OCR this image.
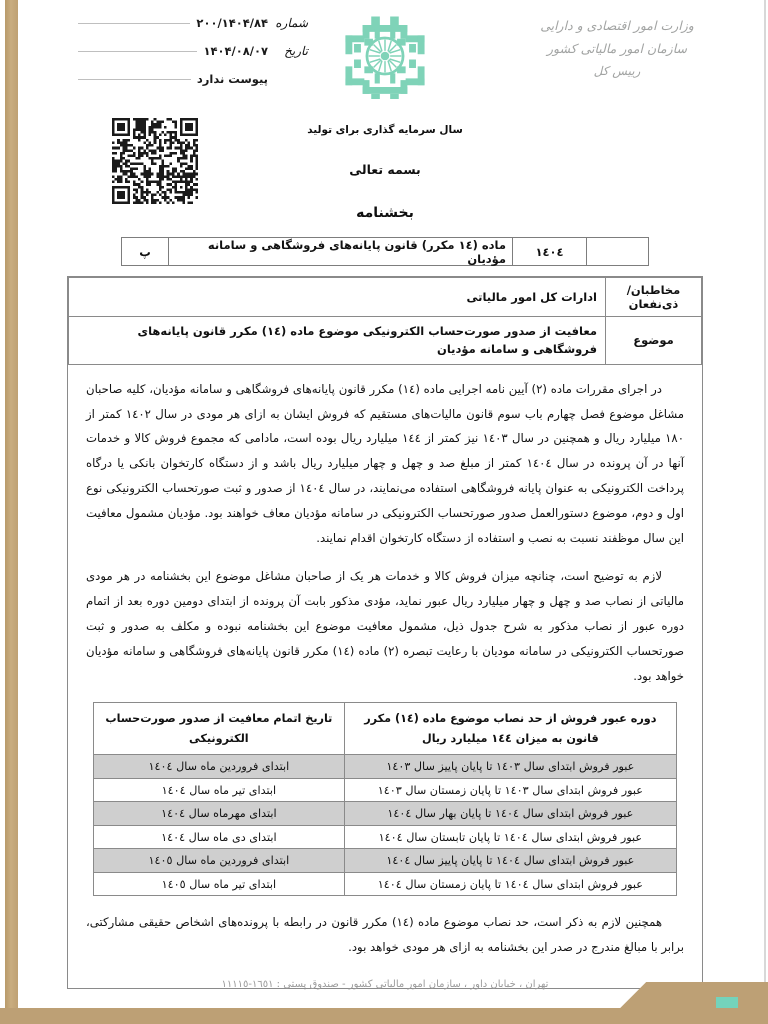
شماره
۲۰۰/۱۴۰۴/۸۴
تاریخ
۱۴۰۴/۰۸/۰۷
پیوست ندارد
وزارت امور اقتصادی و دارایی
سازمان امور مالیاتی کشور
رییس کل
سال سرمایه گذاری برای تولید
بسمه تعالی
بخشنامه
١٤٠٤
ماده (١٤ مکرر) قانون پایانه‌های فروشگاهی و سامانه مؤدیان
پ
مخاطبان/ذی‌نفعان	ادارات کل امور مالیاتی
موضوع	معافیت از صدور صورت‌حساب الکترونیکی موضوع ماده (١٤) مکرر قانون پایانه‌های فروشگاهی و سامانه مؤدیان

در اجرای مقررات ماده (۲) آیین نامه اجرایی ماده (١٤) مکرر قانون پایانه‌های فروشگاهی و سامانه مؤدیان، کلیه صاحبان مشاغل موضوع فصل چهارم باب سوم قانون مالیات‌های مستقیم که فروش ایشان به ازای هر مودی در سال ١٤٠٢ کمتر از ١٨٠ میلیارد ریال و همچنین در سال ١٤٠٣ نیز کمتر از ١٤٤ میلیارد ریال بوده است، مادامی که مجموع فروش کالا و خدمات آنها در آن پرونده در سال ١٤٠٤ کمتر از مبلغ صد و چهل و چهار میلیارد ریال باشد و از دستگاه کارتخوان بانکی یا درگاه پرداخت الکترونیکی به عنوان پایانه فروشگاهی استفاده می‌نمایند، در سال ١٤٠٤ از صدور و ثبت صورتحساب الکترونیکی نوع اول و دوم، موضوع دستورالعمل صدور صورتحساب الکترونیکی در سامانه مؤدیان معاف خواهند بود. مؤدیان مشمول معافیت این سال موظفند نسبت به نصب و استفاده از دستگاه کارتخوان اقدام نمایند.

لازم به توضیح است، چنانچه میزان فروش کالا و خدمات هر یک از صاحبان مشاغل موضوع این بخشنامه در هر مودی مالیاتی از نصاب صد و چهل و چهار میلیارد ریال عبور نماید، مؤدی مذکور بابت آن پرونده از ابتدای دومین دوره بعد از اتمام دوره عبور از نصاب مذکور به شرح جدول ذیل، مشمول معافیت موضوع این بخشنامه نبوده و مکلف به صدور و ثبت صورتحساب الکترونیکی در سامانه مودیان با رعایت تبصره (۲) ماده (١٤) مکرر قانون پایانه‌های فروشگاهی و سامانه مؤدیان خواهد بود.

دوره عبور فروش از حد نصاب موضوع ماده (١٤) مکرر قانون به میزان ١٤٤ میلیارد ریال	تاریخ اتمام معافیت از صدور صورت‌حساب الکترونیکی
عبور فروش ابتدای سال ١٤٠٣ تا پایان پاییز سال ١٤٠٣	ابتدای فروردین ماه سال ١٤٠٤
عبور فروش ابتدای سال ١٤٠٣ تا پایان زمستان سال ١٤٠٣	ابتدای تیر ماه سال ١٤٠٤
عبور فروش ابتدای سال ١٤٠٤ تا پایان بهار سال ١٤٠٤	ابتدای مهرماه سال ١٤٠٤
عبور فروش ابتدای سال ١٤٠٤ تا پایان تابستان سال ١٤٠٤	ابتدای دی ماه سال ١٤٠٤
عبور فروش ابتدای سال ١٤٠٤ تا پایان پاییز سال ١٤٠٤	ابتدای فروردین ماه سال ١٤٠٥
عبور فروش ابتدای سال ١٤٠٤ تا پایان زمستان سال ١٤٠٤	ابتدای تیر ماه سال ١٤٠٥

همچنین لازم به ذکر است، حد نصاب موضوع ماده (١٤) مکرر قانون در رابطه با پرونده‌های اشخاص حقیقی مشارکتی، برابر با مبالغ مندرج در صدر این بخشنامه به ازای هر مودی خواهد بود.

تهران ، خیابان داور ، سازمان امور مالیاتی کشور - صندوق پستی : ١٦٥١-١١١١٥
